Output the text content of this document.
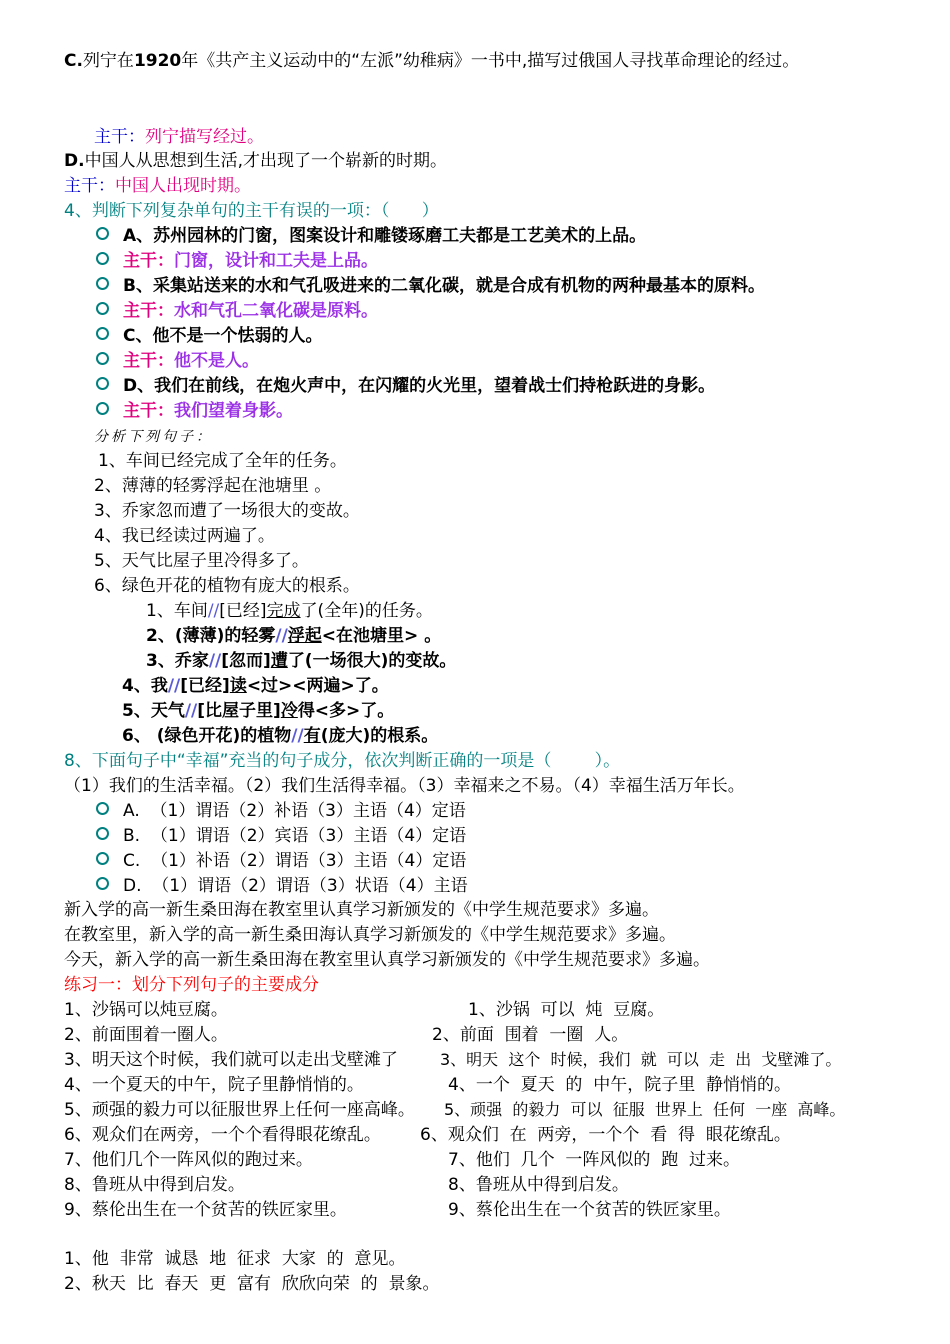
C.列宁在1920年《共产主义运动中的“左派”幼稚病》一书中,描写过俄国人寻找革命理论的经过。
主干：列宁描写经过。
D.中国人从思想到生活,才出现了一个崭新的时期。
主干：中国人出现时期。
4、判断下列复杂单句的主干有误的一项：（      ）
A、苏州园林的门窗，图案设计和雕镂琢磨工夫都是工艺美术的上品。
主干：门窗，设计和工夫是上品。
B、采集站送来的水和气孔吸进来的二氧化碳，就是合成有机物的两种最基本的原料。
主干：水和气孔二氧化碳是原料。
C、他不是一个怯弱的人。
主干：他不是人。
D、我们在前线，在炮火声中，在闪耀的火光里，望着战士们持枪跃进的身影。
主干：我们望着身影。
分析下列句子：
1、车间已经完成了全年的任务。
2、薄薄的轻雾浮起在池塘里 。
3、乔家忽而遭了一场很大的变故。
4、我已经读过两遍了。
5、天气比屋子里冷得多了。
6、绿色开花的植物有庞大的根系。
1、车间//[已经]完成了(全年)的任务。
2、(薄薄)的轻雾//浮起<在池塘里> 。
3、乔家//[忽而]遭了(一场很大)的变故。
4、我//[已经]读<过><两遍>了。
5、天气//[比屋子里]冷得<多>了。
6、 (绿色开花)的植物//有(庞大)的根系。
8、下面句子中“幸福”充当的句子成分，依次判断正确的一项是（        ）。
（1）我们的生活幸福。（2）我们生活得幸福。（3）幸福来之不易。（4）幸福生活万年长。
A.  （1）谓语（2）补语（3）主语（4）定语
B.  （1）谓语（2）宾语（3）主语（4）定语
C.  （1）补语（2）谓语（3）主语（4）定语
D.  （1）谓语（2）谓语（3）状语（4）主语
新入学的高一新生桑田海在教室里认真学习新颁发的《中学生规范要求》多遍。
在教室里，新入学的高一新生桑田海认真学习新颁发的《中学生规范要求》多遍。
今天，新入学的高一新生桑田海在教室里认真学习新颁发的《中学生规范要求》多遍。
练习一：划分下列句子的主要成分
1、沙锅可以炖豆腐。	1、沙锅  可以  炖  豆腐。
2、前面围着一圈人。	2、前面  围着  一圈  人。
3、明天这个时候，我们就可以走出戈壁滩了	3、明天  这个  时候，我们  就  可以  走  出  戈壁滩了。
4、一个夏天的中午，院子里静悄悄的。	4、一个  夏天  的  中午，院子里  静悄悄的。
5、顽强的毅力可以征服世界上任何一座高峰。 5、顽强  的毅力  可以  征服  世界上  任何  一座  高峰。
6、观众们在两旁，一个个看得眼花缭乱。 6、观众们  在  两旁，一个个  看  得  眼花缭乱。
7、他们几个一阵风似的跑过来。	7、他们  几个  一阵风似的  跑  过来。
8、鲁班从中得到启发。	8、鲁班从中得到启发。
9、蔡伦出生在一个贫苦的铁匠家里。	9、蔡伦出生在一个贫苦的铁匠家里。
1、他  非常  诚恳  地  征求  大家  的  意见。
2、秋天  比  春天  更  富有  欣欣向荣  的  景象。
